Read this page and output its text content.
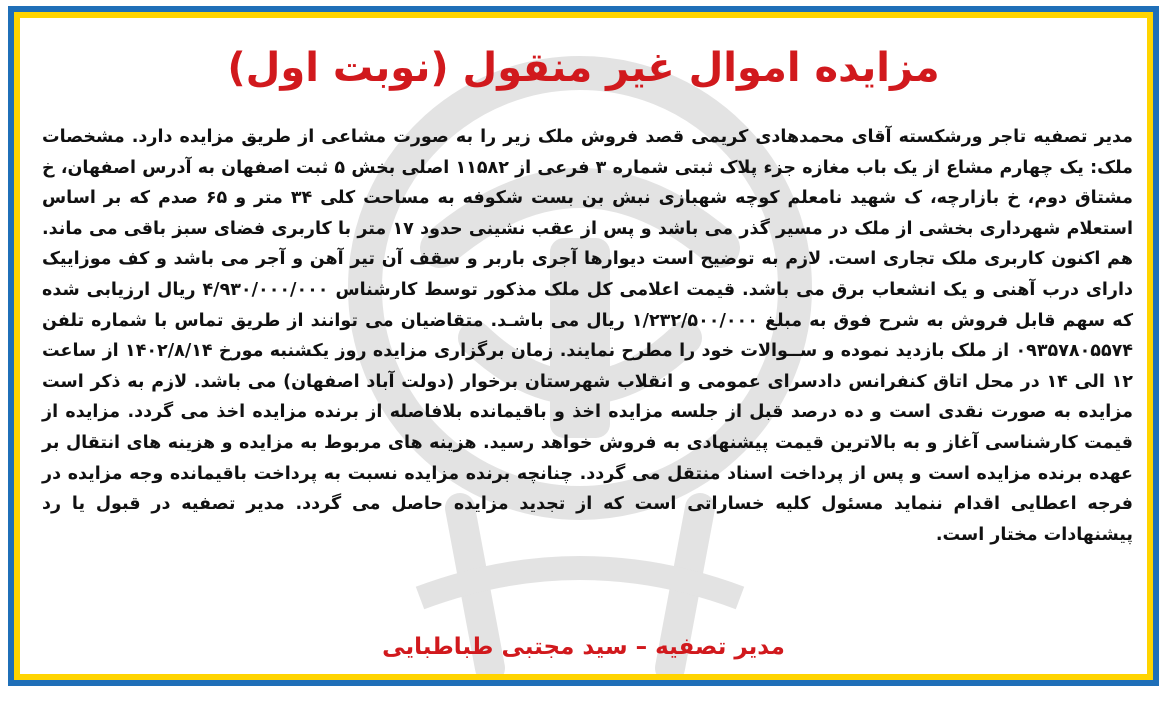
مزایده اموال غیر منقول (نوبت اول)
مدیر تصفیه تاجر ورشکسته آقای محمدهادی کریمی قصد فروش ملک زیر را به صورت مشاعی از طریق مزایده دارد. مشخصات ملک: یک چهارم مشاع از یک باب مغازه جزء پلاک ثبتی شماره ۳ فرعی از ۱۱۵۸۲ اصلی بخش ۵ ثبت اصفهان به آدرس اصفهان، خ مشتاق دوم، خ بازارچه، ک شهید نامعلم کوچه شهبازی نبش بن بست شکوفه به مساحت کلی ۳۴ متر و ۶۵ صدم که بر اساس استعلام شهرداری بخشی از ملک در مسیر گذر می باشد و پس از عقب نشینی حدود ۱۷ متر با کاربری فضای سبز باقی می ماند. هم اکنون کاربری ملک تجاری است. لازم به توضیح است دیوارها آجری باربر و سقف آن تیر آهن و آجر می باشد و کف موزاییک دارای درب آهنی و یک انشعاب برق می باشد. قیمت اعلامی کل ملک مذکور توسط کارشناس ۴/۹۳۰/۰۰۰/۰۰۰ ریال ارزیابی شده که سهم قابل فروش به شرح فوق به مبلغ ۱/۲۳۲/۵۰۰/۰۰۰ ریال می باشـد. متقاضیان می توانند از طریق تماس با شماره تلفن ۰۹۳۵۷۸۰۵۵۷۴ از ملک بازدید نموده و ســوالات خود را مطرح نمایند. زمان برگزاری مزایده روز یکشنبه مورخ ۱۴۰۲/۸/۱۴ از ساعت ۱۲ الی ۱۴ در محل اتاق کنفرانس دادسرای عمومی و انقلاب شهرستان برخوار (دولت آباد اصفهان) می باشد. لازم به ذکر است مزایده به صورت نقدی است و ده درصد قبل از جلسه مزایده اخذ و باقیمانده بلافاصله از برنده مزایده اخذ می گردد. مزایده از قیمت کارشناسی آغاز و به بالاترین قیمت پیشنهادی به فروش خواهد رسید. هزینه های مربوط به مزایده و هزینه های انتقال بر عهده برنده مزایده است و پس از پرداخت اسناد منتقل می گردد. چنانچه برنده مزایده نسبت به پرداخت باقیمانده وجه مزایده در فرجه اعطایی اقدام ننماید مسئول کلیه خساراتی است که از تجدید مزایده حاصل می گردد. مدیر تصفیه در قبول یا رد پیشنهادات مختار است.
مدیر تصفیه – سید مجتبی طباطبایی
